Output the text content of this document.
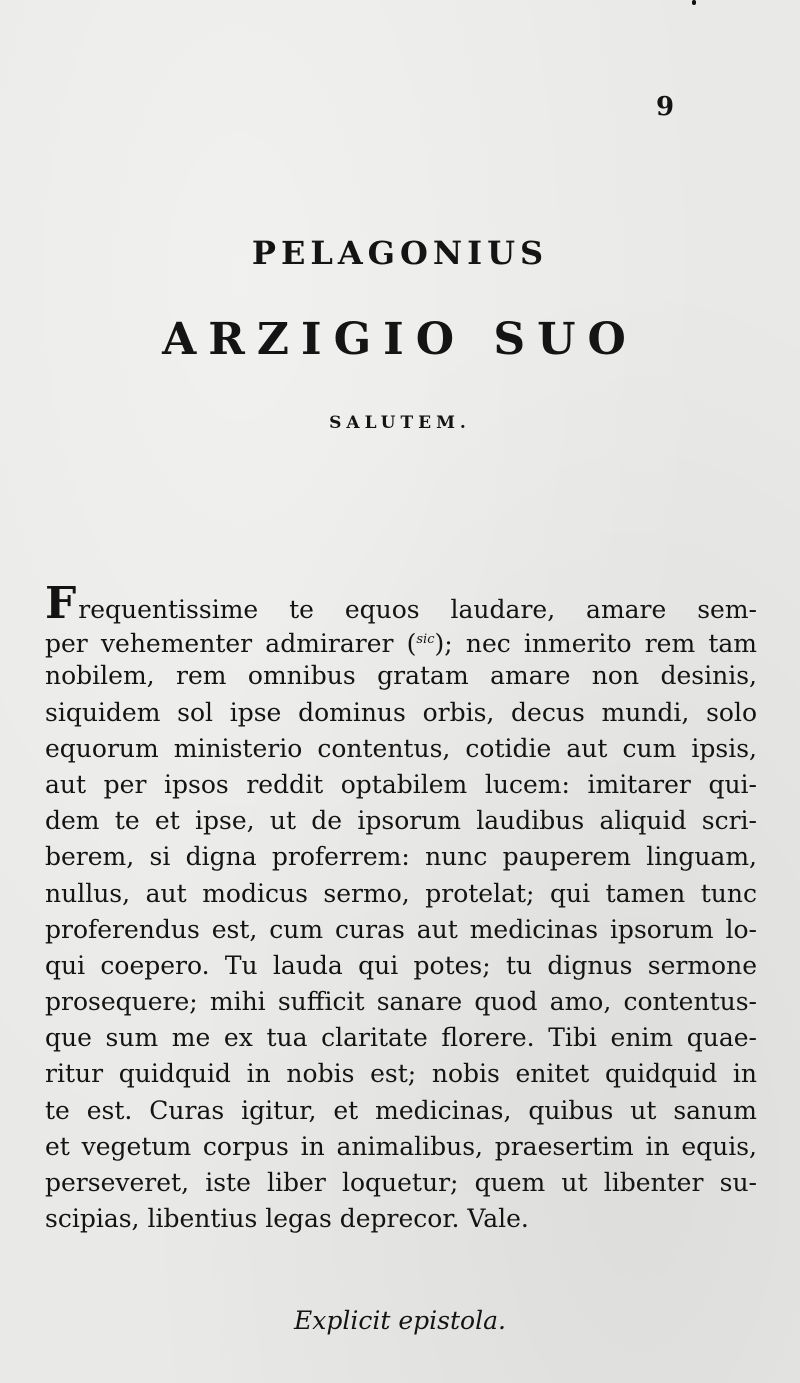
9
PELAGONIUS
ARZIGIO SUO
SALUTEM.
Frequentissime te equos laudare, amare sem-
per vehementer admirarer ($^{sic}$); nec inmerito rem tam
nobilem, rem omnibus gratam amare non desinis,
siquidem sol ipse dominus orbis, decus mundi, solo
equorum ministerio contentus, cotidie aut cum ipsis,
aut per ipsos reddit optabilem lucem: imitarer qui-
dem te et ipse, ut de ipsorum laudibus aliquid scri-
berem, si digna proferrem: nunc pauperem linguam,
nullus, aut modicus sermo, protelat; qui tamen tunc
proferendus est, cum curas aut medicinas ipsorum lo-
qui coepero. Tu lauda qui potes; tu dignus sermone
prosequere; mihi sufficit sanare quod amo, contentus-
que sum me ex tua claritate florere. Tibi enim quae-
ritur quidquid in nobis est; nobis enitet quidquid in
te est. Curas igitur, et medicinas, quibus ut sanum
et vegetum corpus in animalibus, praesertim in equis,
perseveret, iste liber loquetur; quem ut libenter su-
scipias, libentius legas deprecor. Vale.
Explicit epistola.
